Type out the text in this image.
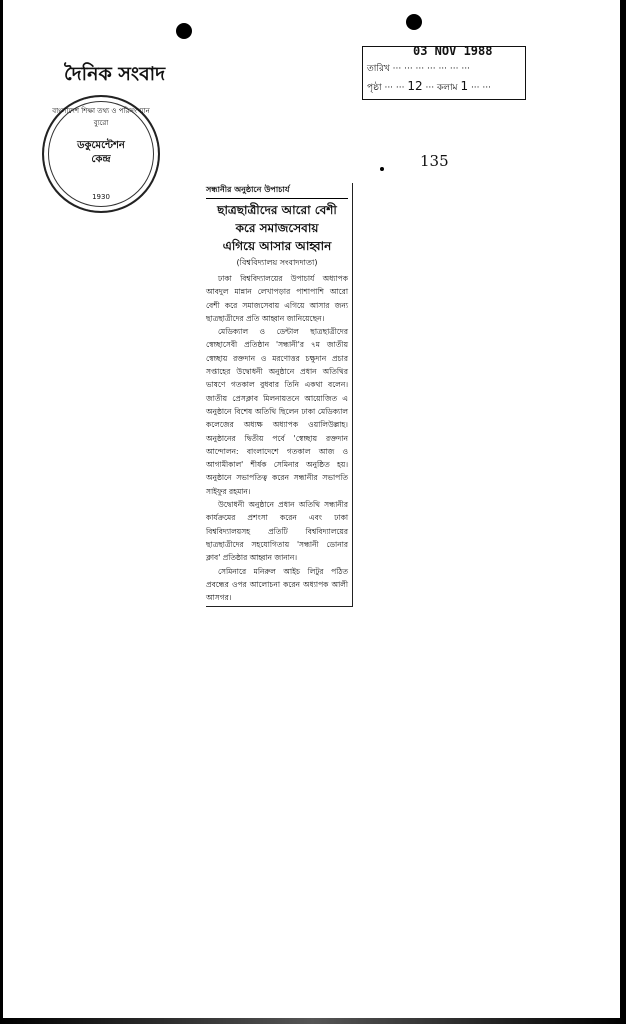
দৈনিক সংবাদ
বাংলাদেশ শিক্ষা তথ্য ও পরিসংখ্যান ব্যুরো
ডকুমেন্টেশন
কেন্দ্র
1930
03 NOV 1988
তারিখ ··· ··· ··· ··· ··· ··· ···
পৃষ্ঠা ··· ··· 12 ··· কলাম 1 ··· ···
135
সন্ধানীর অনুষ্ঠানে উপাচার্য
ছাত্রছাত্রীদের আরো বেশী
করে সমাজসেবায়
এগিয়ে আসার আহ্বান
(বিশ্ববিদ্যালয় সংবাদদাতা)

ঢাকা বিশ্ববিদ্যালয়ের উপাচার্য অধ্যাপক আবদুল মান্নান লেখাপড়ার পাশাপাশি আরো বেশী করে সমাজসেবায় এগিয়ে আসার জন্য ছাত্রছাত্রীদের প্রতি আহ্বান জানিয়েছেন।

মেডিক্যাল ও ডেন্টাল ছাত্রছাত্রীদের স্বেচ্ছাসেবী প্রতিষ্ঠান 'সন্ধানী'র ৭ম জাতীয় স্বেচ্ছায় রক্তদান ও মরণোত্তর চক্ষুদান প্রচার সপ্তাহের উদ্বোধনী অনুষ্ঠানে প্রধান অতিথির ভাষণে গতকাল বুধবার তিনি একথা বলেন। জাতীয় প্রেসক্লাব মিলনায়তনে আয়োজিত এ অনুষ্ঠানে বিশেষ অতিথি ছিলেন ঢাকা মেডিক্যাল কলেজের অধ্যক্ষ অধ্যাপক ওয়ালিউল্লাহ। অনুষ্ঠানের দ্বিতীয় পর্বে 'স্বেচ্ছায় রক্তদান আন্দোলন: বাংলাদেশে গতকাল আজ ও আগামীকাল' শীর্ষক সেমিনার অনুষ্ঠিত হয়। অনুষ্ঠানে সভাপতিত্ব করেন সন্ধানীর সভাপতি সাইফুর রহমান।

উদ্বোধনী অনুষ্ঠানে প্রধান অতিথি সন্ধানীর কার্যক্রমের প্রশংসা করেন এবং ঢাকা বিশ্ববিদ্যালয়সহ প্রতিটি বিশ্ববিদ্যালয়ের ছাত্রছাত্রীদের সহযোগিতায় 'সন্ধানী ডোনার ক্লাব' প্রতিষ্ঠার আহ্বান জানান।

সেমিনারে মনিরুল আইচ লিটুর পঠিত প্রবন্ধের ওপর আলোচনা করেন অধ্যাপক আলী আসগর।
